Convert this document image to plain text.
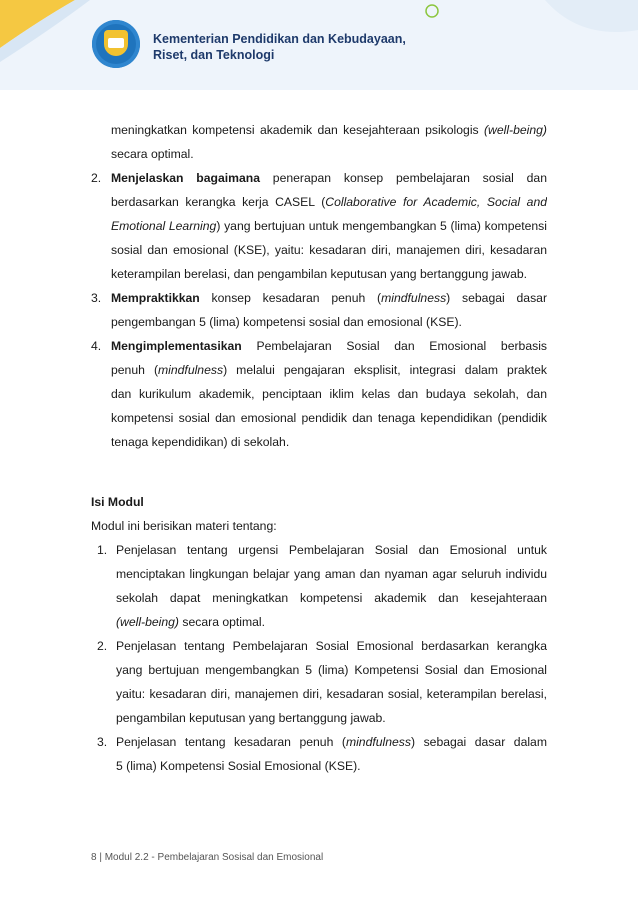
Kementerian Pendidikan dan Kebudayaan,
Riset, dan Teknologi
meningkatkan kompetensi akademik dan kesejahteraan psikologis (well-being)
secara optimal.
2. Menjelaskan bagaimana penerapan konsep pembelajaran sosial dan
berdasarkan kerangka kerja CASEL (Collaborative for Academic, Social and
Emotional Learning) yang bertujuan untuk mengembangkan 5 (lima) kompetensi
sosial dan emosional (KSE), yaitu: kesadaran diri, manajemen diri, kesadaran
keterampilan berelasi, dan pengambilan keputusan yang bertanggung jawab.
3. Mempraktikkan konsep kesadaran penuh (mindfulness) sebagai dasar
pengembangan 5 (lima) kompetensi sosial dan emosional (KSE).
4. Mengimplementasikan Pembelajaran Sosial dan Emosional berbasis
penuh (mindfulness) melalui pengajaran eksplisit, integrasi dalam praktek
dan kurikulum akademik, penciptaan iklim kelas dan budaya sekolah, dan
kompetensi sosial dan emosional pendidik dan tenaga kependidikan (pendidik
tenaga kependidikan) di sekolah.
Isi Modul
Modul ini berisikan materi tentang:
1. Penjelasan tentang urgensi Pembelajaran Sosial dan Emosional untuk
menciptakan lingkungan belajar yang aman dan nyaman agar seluruh individu
sekolah dapat meningkatkan kompetensi akademik dan kesejahteraan
(well-being) secara optimal.
2. Penjelasan tentang Pembelajaran Sosial Emosional berdasarkan kerangka
yang bertujuan mengembangkan 5 (lima) Kompetensi Sosial dan Emosional
yaitu: kesadaran diri, manajemen diri, kesadaran sosial, keterampilan berelasi,
pengambilan keputusan yang bertanggung jawab.
3. Penjelasan tentang kesadaran penuh (mindfulness) sebagai dasar dalam
5 (lima) Kompetensi Sosial Emosional (KSE).
8 | Modul 2.2 - Pembelajaran Sosisal dan Emosional
